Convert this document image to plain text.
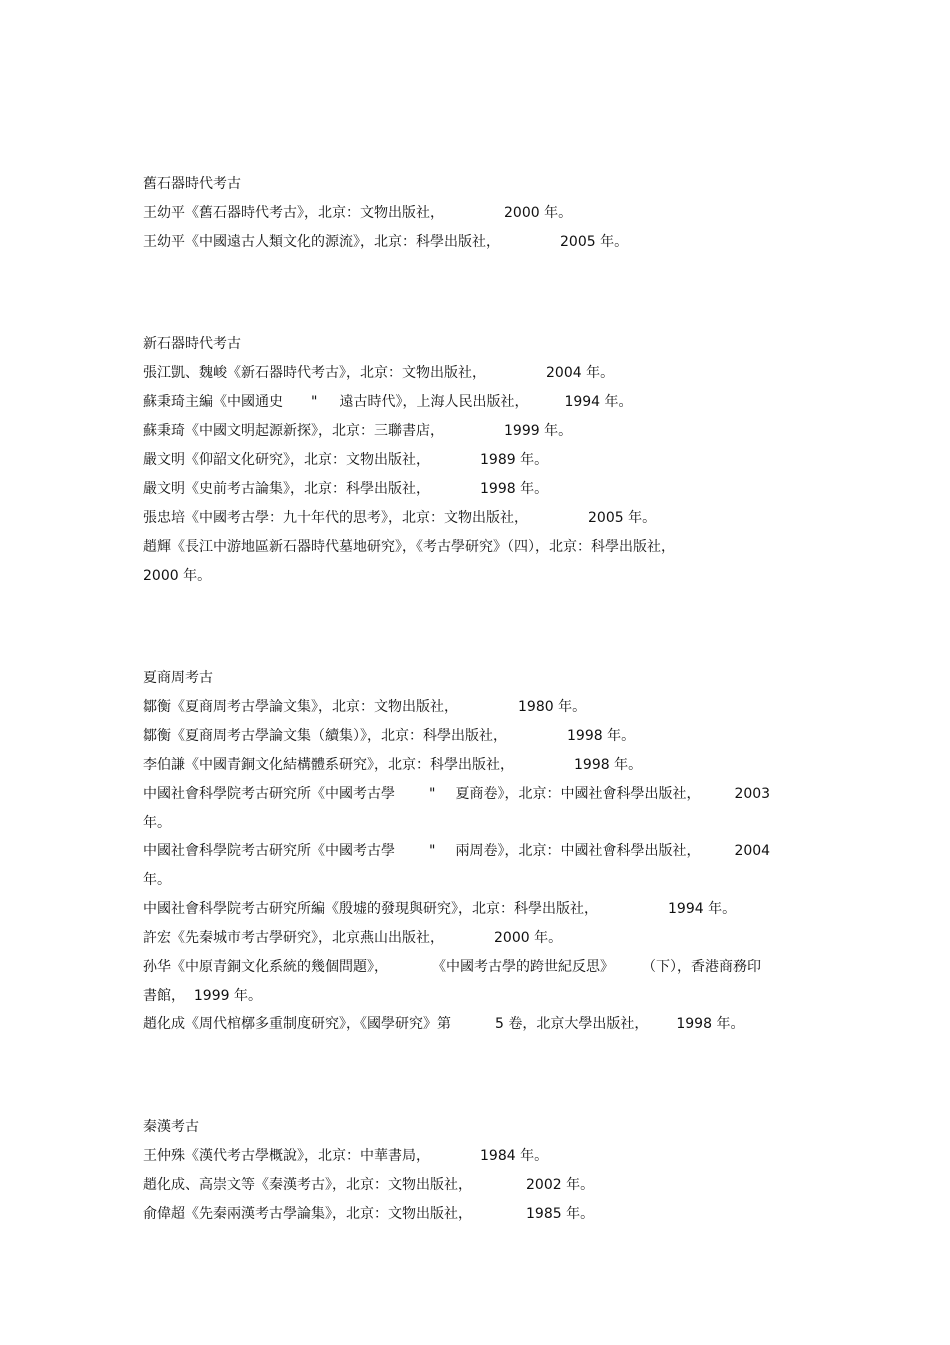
舊石器時代考古
王幼平《舊石器時代考古》，北京：文物出版社，	2000 年。
王幼平《中國遠古人類文化的源流》，北京：科學出版社，	2005 年。
新石器時代考古
張江凱、魏峻《新石器時代考古》，北京：文物出版社，	2004 年。
蘇秉琦主編《中國通史 " 遠古時代》，上海人民出版社，	1994 年。
蘇秉琦《中國文明起源新探》，北京：三聯書店，	1999 年。
嚴文明《仰韶文化研究》，北京：文物出版社，	1989 年。
嚴文明《史前考古論集》，北京：科學出版社，	1998 年。
張忠培《中國考古學：九十年代的思考》，北京：文物出版社，	2005 年。
趙輝《長江中游地區新石器時代墓地研究》，《考古學研究》（四），北京：科學出版社，
2000 年。
夏商周考古
鄒衡《夏商周考古學論文集》，北京：文物出版社，	1980 年。
鄒衡《夏商周考古學論文集（續集）》，北京：科學出版社，	1998 年。
李伯謙《中國青銅文化結構體系研究》，北京：科學出版社，	1998 年。
中國社會科學院考古研究所《中國考古學 " 夏商卷》，北京：中國社會科學出版社， 2003
年。
中國社會科學院考古研究所《中國考古學 " 兩周卷》，北京：中國社會科學出版社， 2004
年。
中國社會科學院考古研究所編《殷墟的發現與研究》，北京：科學出版社，	1994 年。
許宏《先秦城市考古學研究》，北京燕山出版社，	2000 年。
孙华《中原青銅文化系統的幾個問題》，	《中國考古學的跨世紀反思》 （下），香港商務印
書館，  1999 年。
趙化成《周代棺槨多重制度研究》，《國學研究》第	5 卷，北京大學出版社， 1998 年。
秦漢考古
王仲殊《漢代考古學概說》，北京：中華書局，	1984 年。
趙化成、高崇文等《秦漢考古》，北京：文物出版社，	2002 年。
俞偉超《先秦兩漢考古學論集》，北京：文物出版社，	1985 年。
